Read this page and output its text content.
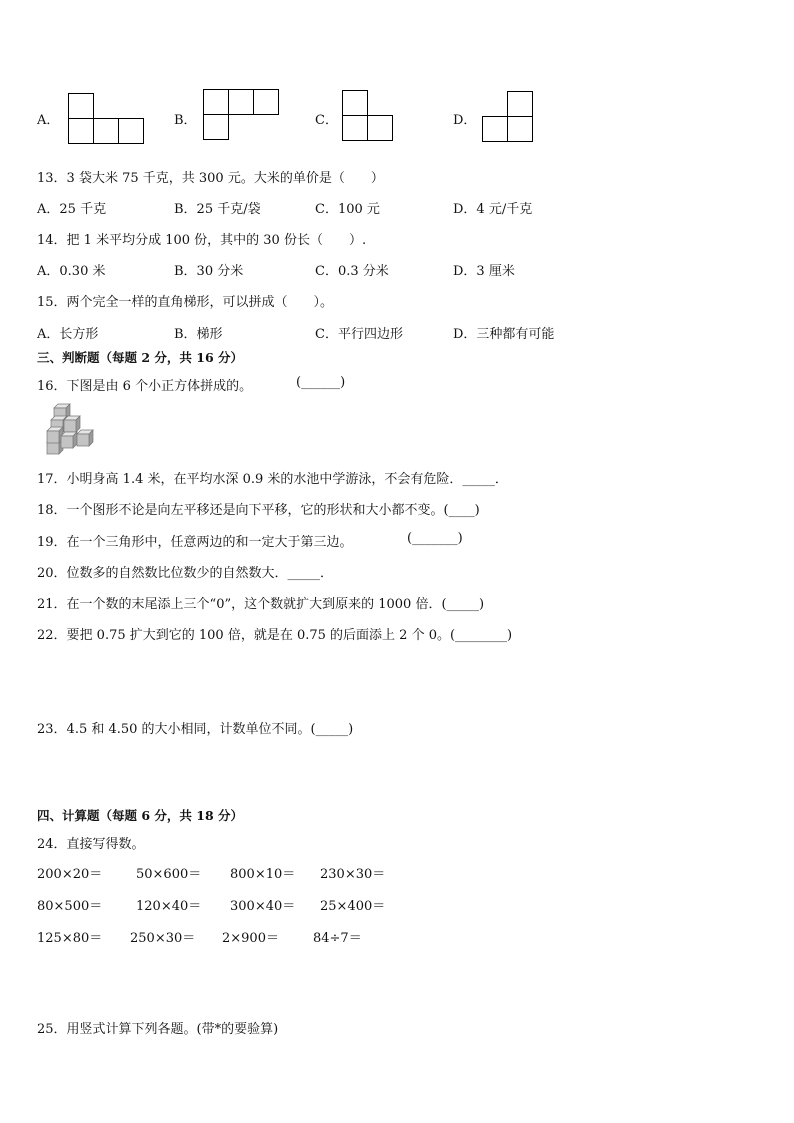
A．	B．	C．	D．
13．3 袋大米 75 千克，共 300 元。大米的单价是（　　）
A．25 千克	B．25 千克/袋	C．100 元	D．4 元/千克
14．把 1 米平均分成 100 份，其中的 30 份长（　　）.
A．0.30 米	B．30 分米	C．0.3 分米	D．3 厘米
15．两个完全一样的直角梯形，可以拼成（　　）。
A．长方形	B．梯形	C．平行四边形	D．三种都有可能
三、判断题（每题 2 分，共 16 分）
16．下图是由 6 个小正方体拼成的。	(______)
17．小明身高 1.4 米，在平均水深 0.9 米的水池中学游泳，不会有危险．_____．
18．一个图形不论是向左平移还是向下平移，它的形状和大小都不变。(____)
19．在一个三角形中，任意两边的和一定大于第三边。	(_______)
20．位数多的自然数比位数少的自然数大．_____．
21．在一个数的末尾添上三个“0”，这个数就扩大到原来的 1000 倍．(_____)
22．要把 0.75 扩大到它的 100 倍，就是在 0.75 的后面添上 2 个 0。(________)
23．4.5 和 4.50 的大小相同，计数单位不同。(_____)
四、计算题（每题 6 分，共 18 分）
24．直接写得数。
200×20＝	50×600＝ 800×10＝ 230×30＝
80×500＝	120×40＝ 300×40＝ 25×400＝
125×80＝ 250×30＝ 2×900＝	84÷7＝
25．用竖式计算下列各题。(带*的要验算)
